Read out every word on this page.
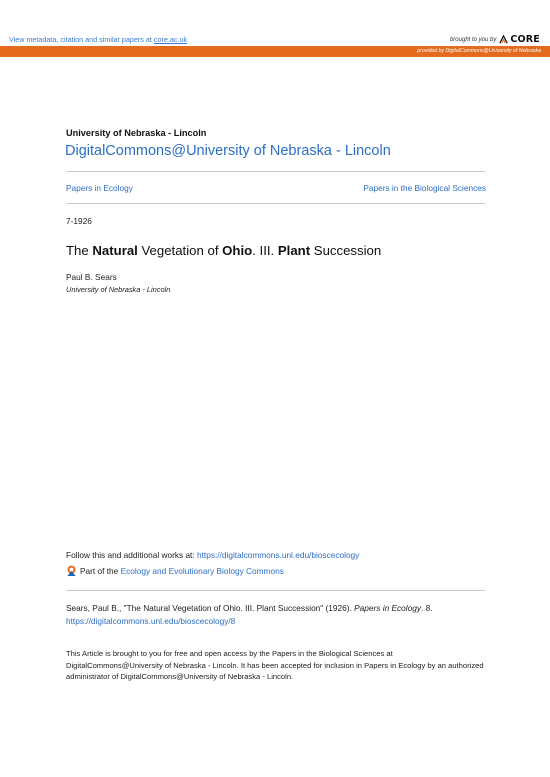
View metadata, citation and similar papers at core.ac.uk	brought to you by CORE
provided by DigitalCommons@University of Nebraska
University of Nebraska - Lincoln
DigitalCommons@University of Nebraska - Lincoln
Papers in Ecology	Papers in the Biological Sciences
7-1926
The Natural Vegetation of Ohio. III. Plant Succession
Paul B. Sears
University of Nebraska - Lincoln
Follow this and additional works at: https://digitalcommons.unl.edu/bioscecology
Part of the Ecology and Evolutionary Biology Commons
Sears, Paul B., "The Natural Vegetation of Ohio. III. Plant Succession" (1926). Papers in Ecology. 8.
https://digitalcommons.unl.edu/bioscecology/8
This Article is brought to you for free and open access by the Papers in the Biological Sciences at DigitalCommons@University of Nebraska - Lincoln. It has been accepted for inclusion in Papers in Ecology by an authorized administrator of DigitalCommons@University of Nebraska - Lincoln.
